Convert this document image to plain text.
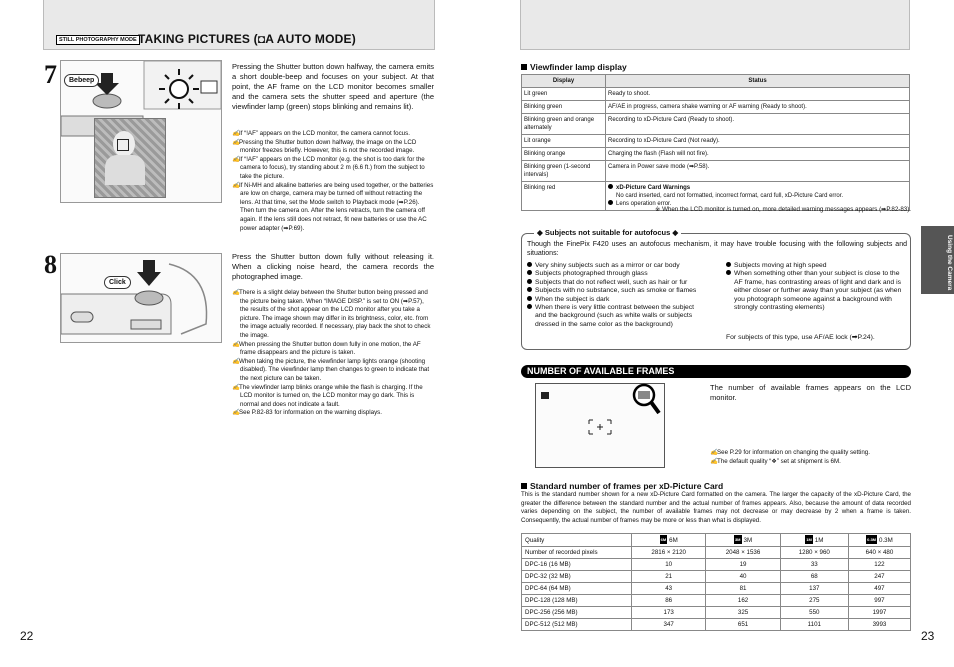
STILL PHOTOGRAPHY MODE TAKING PICTURES (◘A AUTO MODE)
7	Bebeep
Pressing the Shutter button down halfway, the camera emits a short double-beep and focuses on your subject. At that point, the AF frame on the LCD monitor becomes smaller and the camera sets the shutter speed and aperture (the viewfinder lamp (green) stops blinking and remains lit).
✍If “!AF” appears on the LCD monitor, the camera cannot focus.
✍Pressing the Shutter button down halfway, the image on the LCD monitor freezes briefly. However, this is not the recorded image.
✍If “!AF” appears on the LCD monitor (e.g. the shot is too dark for the camera to focus), try standing about 2 m (6.6 ft.) from the subject to take the picture.
✍If Ni-MH and alkaline batteries are being used together, or the batteries are low on charge, camera may be turned off without retracting the lens. At that time, set the Mode switch to Playback mode (➡P.26). Then turn the camera on. After the lens retracts, turn the camera off again. If the lens still does not retract, fit new batteries or use the AC power adapter (➡P.69).
8
Click
Press the Shutter button down fully without releasing it. When a clicking noise heard, the camera records the photographed image.
✍There is a slight delay between the Shutter button being pressed and the picture being taken. When “IMAGE DISP.” is set to ON (➡P.57), the results of the shot appear on the LCD monitor after you take a picture. The image shown may differ in its brightness, color, etc. from the image actually recorded. If necessary, play back the shot to check the image.
✍When pressing the Shutter button down fully in one motion, the AF frame disappears and the picture is taken.
✍When taking the picture, the viewfinder lamp lights orange (shooting disabled). The viewfinder lamp then changes to green to indicate that the next picture can be taken.
✍The viewfinder lamp blinks orange while the flash is charging. If the LCD monitor is turned on, the LCD monitor may go dark. This is normal and does not indicate a fault.
✍See P.82-83 for information on the warning displays.
22
Viewfinder lamp display
Display	Status
Lit green	Ready to shoot.
Blinking green	AF/AE in progress, camera shake warning or AF warning (Ready to shoot).
Blinking green and orange alternately	Recording to xD-Picture Card (Ready to shoot).
Lit orange	Recording to xD-Picture Card (Not ready).
Blinking orange	Charging the flash (Flash will not fire).
Blinking green (1-second intervals)	Camera in Power save mode (➡P.58).
Blinking red	xD-Picture Card Warnings
No card inserted, card not formatted, incorrect format, card full, xD-Picture Card error.
Lens operation error.
※ When the LCD monitor is turned on, more detailed warning messages appears (➡P.82-83).
◆ Subjects not suitable for autofocus ◆
Though the FinePix F420 uses an autofocus mechanism, it may have trouble focusing with the following subjects and situations:
Very shiny subjects such as a mirror or car body
Subjects photographed through glass
Subjects that do not reflect well, such as hair or fur
Subjects with no substance, such as smoke or flames
When the subject is dark
When there is very little contrast between the subject and the background (such as white walls or subjects dressed in the same color as the background)
Subjects moving at high speed
When something other than your subject is close to the AF frame, has contrasting areas of light and dark and is either closer or further away than your subject (as when you photograph someone against a background with strongly contrasting elements)
For subjects of this type, use AF/AE lock (➡P.24).
NUMBER OF AVAILABLE FRAMES
The number of available frames appears on the LCD monitor.
✍See P.29 for information on changing the quality setting.
✍The default quality “❖” set at shipment is 6M.
Standard number of frames per xD-Picture Card
This is the standard number shown for a new xD-Picture Card formatted on the camera. The larger the capacity of the xD-Picture Card, the greater the difference between the standard number and the actual number of frames appears. Also, because the amount of data recorded varies depending on the subject, the number of available frames may not decrease or may decrease by 2 when a frame is taken. Consequently, the actual number of frames may be more or less than what is displayed.
Quality	6M 6M	3M 3M	1M 1M	0.3M 0.3M
Number of recorded pixels	2816 × 2120	2048 × 1536	1280 × 960	640 × 480
DPC-16 (16 MB)	10	19	33	122
DPC-32 (32 MB)	21	40	68	247
DPC-64 (64 MB)	43	81	137	497
DPC-128 (128 MB)	86	162	275	997
DPC-256 (256 MB)	173	325	550	1997
DPC-512 (512 MB)	347	651	1101	3993
23
Using the Camera
